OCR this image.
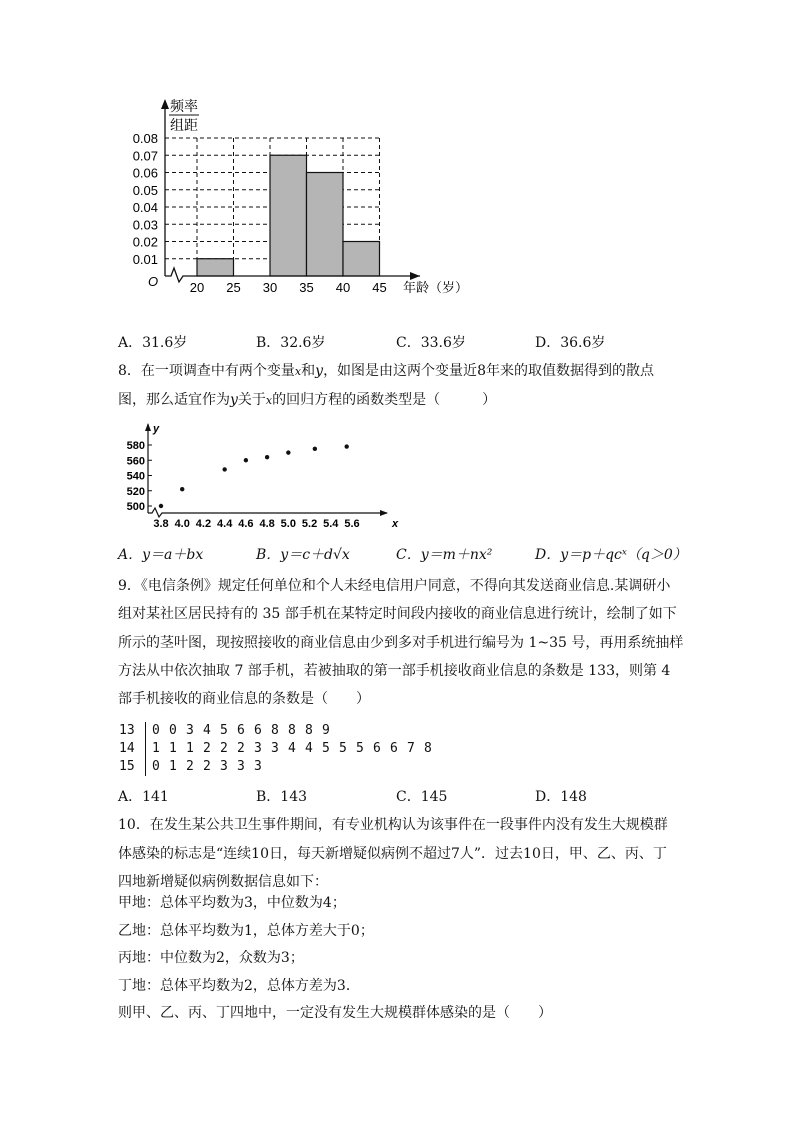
0.01
0.02
0.03
0.04
0.05
0.06
0.07
0.08
20 25 30 35 40 45
O
频率
组距
年龄（岁）
A．31.6岁	B．32.6岁	C．33.6岁	D．36.6岁
8．在一项调查中有两个变量x和y，如图是由这两个变量近8年来的取值数据得到的散点
图，那么适宜作为y关于x的回归方程的函数类型是（　　　）
500
520
540
560
580
3.8 4.0 4.2 4.4 4.6 4.8 5.0 5.2 5.4 5.6
y
x
A．y＝a＋bx	B．y＝c＋d√x	C．y＝m＋nx²	D．y＝p＋qcˣ（q＞0）
9．《电信条例》规定任何单位和个人未经电信用户同意，不得向其发送商业信息.某调研小
组对某社区居民持有的 35 部手机在某特定时间段内接收的商业信息进行统计，绘制了如下
所示的茎叶图，现按照接收的商业信息由少到多对手机进行编号为 1~35 号，再用系统抽样
方法从中依次抽取 7 部手机，若被抽取的第一部手机接收商业信息的条数是 133，则第 4
部手机接收的商业信息的条数是（　　）
13	0 0 3 4 5 6 6 8 8 8 9
14	1 1 1 2 2 2 3 3 4 4 5 5 5 6 6 7 8
15	0 1 2 2 3 3 3
A．141	B．143	C．145	D．148
10．在发生某公共卫生事件期间，有专业机构认为该事件在一段事件内没有发生大规模群
体感染的标志是“连续10日，每天新增疑似病例不超过7人”．过去10日，甲、乙、丙、丁
四地新增疑似病例数据信息如下：
甲地：总体平均数为3，中位数为4；
乙地：总体平均数为1，总体方差大于0；
丙地：中位数为2，众数为3；
丁地：总体平均数为2，总体方差为3．
则甲、乙、丙、丁四地中，一定没有发生大规模群体感染的是（　　）
